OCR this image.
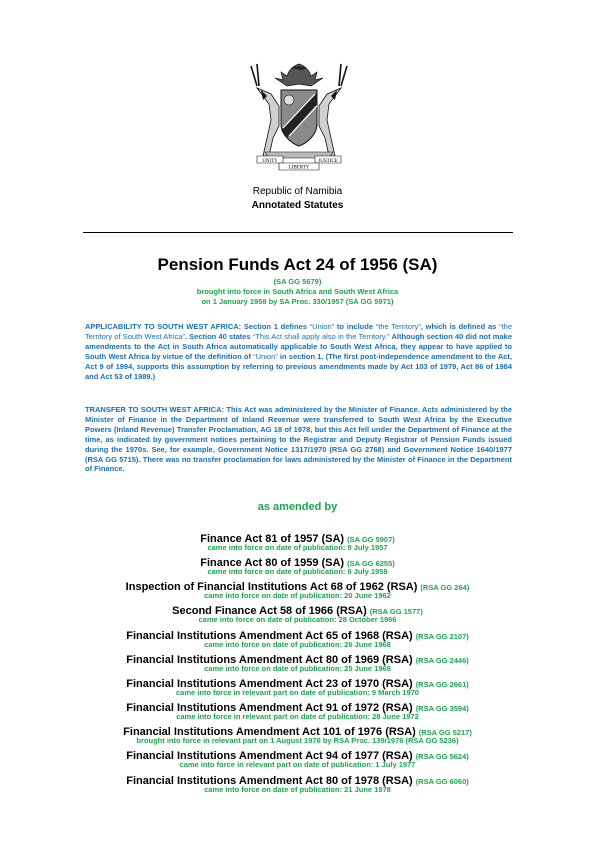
UNITY	JUSTICE
LIBERTY
Republic of Namibia
Annotated Statutes
Pension Funds Act 24 of 1956 (SA)
(SA GG 5679)
brought into force in South Africa and South West Africa
on 1 January 1958 by SA Proc. 330/1957 (SA GG 5971)
APPLICABILITY TO SOUTH WEST AFRICA: Section 1 defines “Union” to include “the Territory”, which is defined as “the Territory of South West Africa”. Section 40 states “This Act shall apply also in the Territory.” Although section 40 did not make amendments to the Act in South Africa automatically applicable to South West Africa, they appear to have applied to South West Africa by virtue of the definition of “Union” in section 1. (The first post-independence amendment to the Act, Act 9 of 1994, supports this assumption by referring to previous amendments made by Act 103 of 1979, Act 86 of 1984 and Act 53 of 1989.)
TRANSFER TO SOUTH WEST AFRICA: This Act was administered by the Minister of Finance. Acts administered by the Minister of Finance in the Department of Inland Revenue were transferred to South West Africa by the Executive Powers (Inland Revenue) Transfer Proclamation, AG 18 of 1978, but this Act fell under the Department of Finance at the time, as indicated by government notices pertaining to the Registrar and Deputy Registrar of Pension Funds issued during the 1970s. See, for example, Government Notice 1317/1970 (RSA GG 2768) and Government Notice 1640/1977 (RSA GG 5715). There was no transfer proclamation for laws administered by the Minister of Finance in the Department of Finance.
as amended by
Finance Act 81 of 1957 (SA) (SA GG 5907)
came into force on date of publication: 9 July 1957
Finance Act 80 of 1959 (SA) (SA GG 6255)
came into force on date of publication: 6 July 1959
Inspection of Financial Institutions Act 68 of 1962 (RSA) (RSA GG 264)
came into force on date of publication: 20 June 1962
Second Finance Act 58 of 1966 (RSA) (RSA GG 1577)
came into force on date of publication: 28 October 1966
Financial Institutions Amendment Act 65 of 1968 (RSA) (RSA GG 2107)
came into force on date of publication: 26 June 1968
Financial Institutions Amendment Act 80 of 1969 (RSA) (RSA GG 2446)
came into force on date of publication: 25 June 1969
Financial Institutions Amendment Act 23 of 1970 (RSA) (RSA GG 2661)
came into force in relevant part on date of publication: 9 March 1970
Financial Institutions Amendment Act 91 of 1972 (RSA) (RSA GG 3594)
came into force in relevant part on date of publication: 28 June 1972
Financial Institutions Amendment Act 101 of 1976 (RSA) (RSA GG 5217)
brought into force in relevant part on 1 August 1976 by RSA Proc. 139/1976 (RSA GG 5236)
Financial Institutions Amendment Act 94 of 1977 (RSA) (RSA GG 5624)
came into force in relevant part on date of publication: 1 July 1977
Financial Institutions Amendment Act 80 of 1978 (RSA) (RSA GG 6060)
came into force on date of publication: 21 June 1978
